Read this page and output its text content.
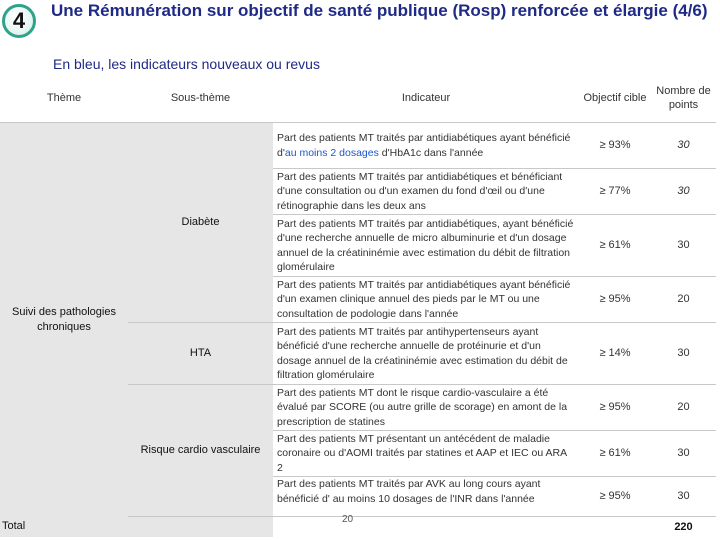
4 Une Rémunération sur objectif de santé publique (Rosp) renforcée et élargie (4/6)
En bleu, les indicateurs nouveaux ou revus
Thème	Sous-thème	Indicateur	Objectif cible	Nombre de points
Suivi des pathologies chroniques	Diabète	Part des patients MT traités par antidiabétiques ayant bénéficié d'au moins 2 dosages d'HbA1c dans l'année	≥ 93%	30
		Part des patients MT traités par antidiabétiques et bénéficiant d'une consultation ou d'un examen du fond d'œil ou d'une rétinographie dans les deux ans	≥ 77%	30
		Part des patients MT traités par antidiabétiques, ayant bénéficié d'une recherche annuelle de micro albuminurie et d'un dosage annuel de la créatininémie avec estimation du débit de filtration glomérulaire	≥ 61%	30
		Part des patients MT traités par antidiabétiques ayant bénéficié d'un examen clinique annuel des pieds par le MT ou une consultation de podologie dans l'année	≥ 95%	20
	HTA	Part des patients MT traités par antihypertenseurs ayant bénéficié d'une recherche annuelle de protéinurie et d'un dosage annuel de la créatininémie avec estimation du débit de filtration glomérulaire	≥ 14%	30
	Risque cardio vasculaire	Part des patients MT dont le risque cardio-vasculaire a été évalué par SCORE (ou autre grille de scorage) en amont de la prescription de statines	≥ 95%	20
		Part des patients MT présentant un antécédent de maladie coronaire ou d'AOMI traités par statines et AAP et IEC ou ARA 2	≥ 61%	30
		Part des patients MT traités par AVK au long cours ayant bénéficié d' au moins 10 dosages de l'INR dans l'année	≥ 95%	30
Total				220
20
